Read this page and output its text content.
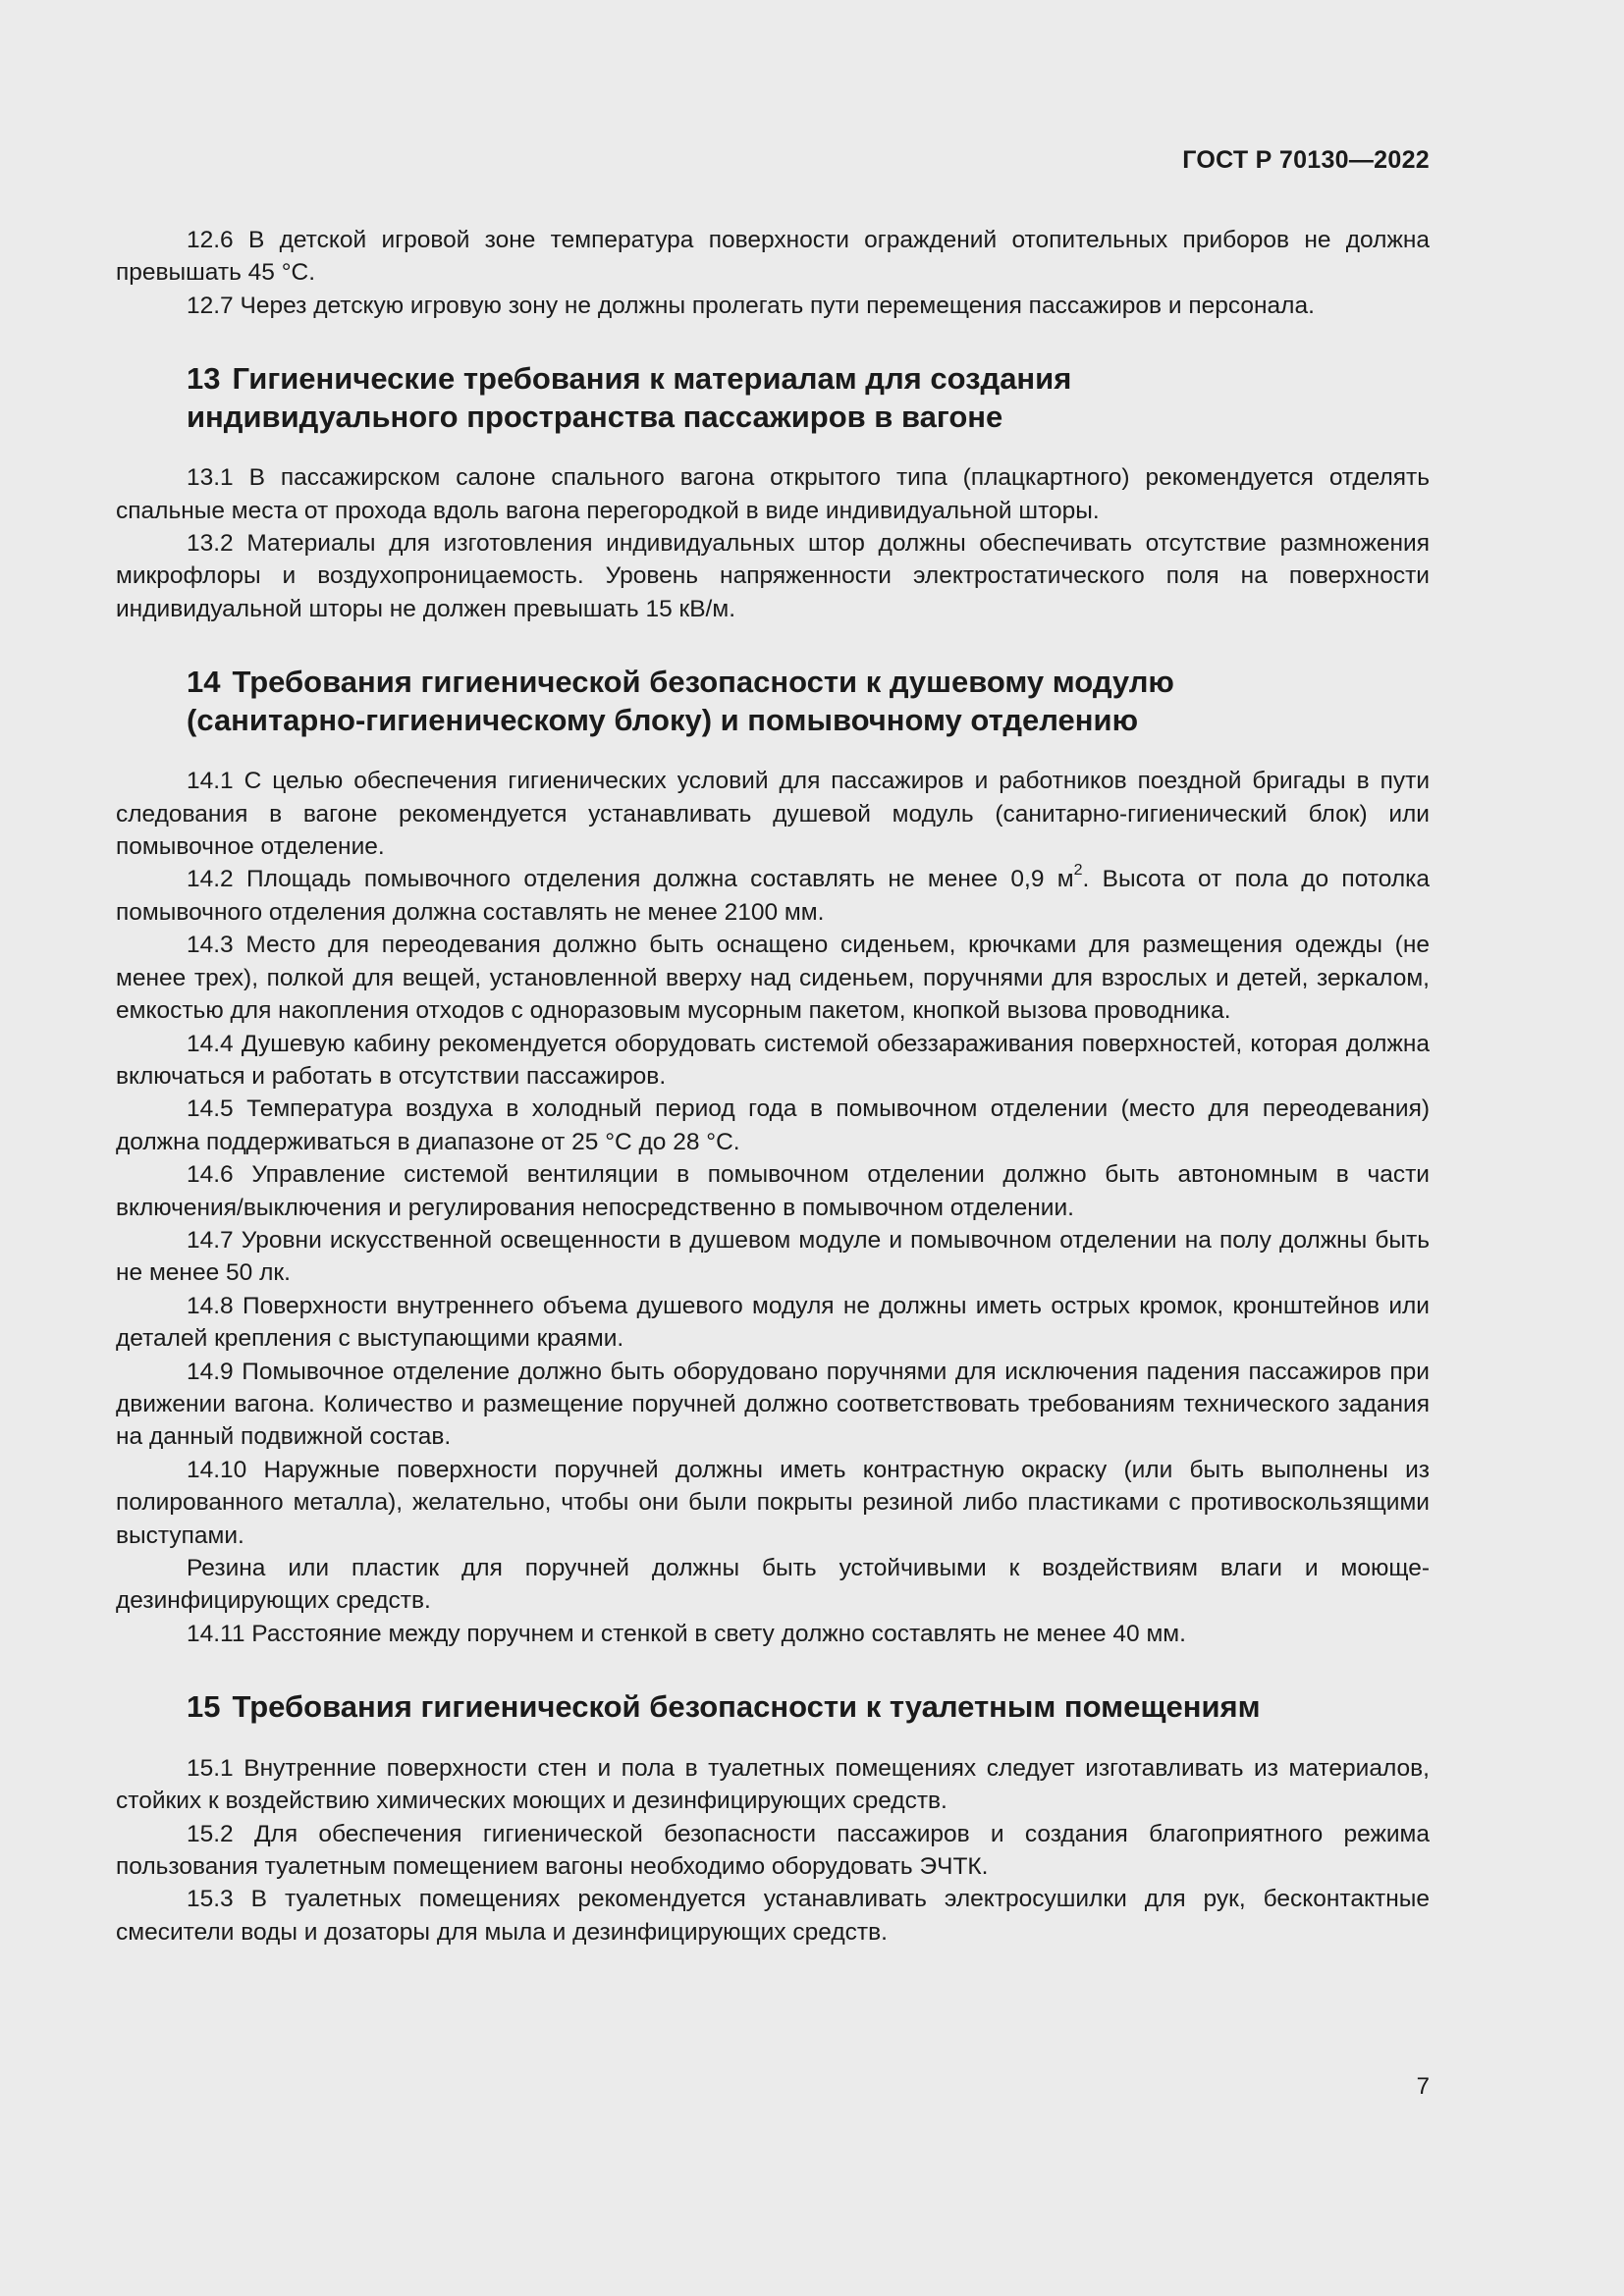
ГОСТ Р 70130—2022

12.6 В детской игровой зоне температура поверхности ограждений отопительных приборов не должна превышать 45 °С.

12.7 Через детскую игровую зону не должны пролегать пути перемещения пассажиров и персонала.

13 Гигиенические требования к материалам для создания
индивидуального пространства пассажиров в вагоне

13.1 В пассажирском салоне спального вагона открытого типа (плацкартного) рекомендуется отделять спальные места от прохода вдоль вагона перегородкой в виде индивидуальной шторы.

13.2 Материалы для изготовления индивидуальных штор должны обеспечивать отсутствие размножения микрофлоры и воздухопроницаемость. Уровень напряженности электростатического поля на поверхности индивидуальной шторы не должен превышать 15 кВ/м.

14 Требования гигиенической безопасности к душевому модулю
(санитарно-гигиеническому блоку) и помывочному отделению

14.1 С целью обеспечения гигиенических условий для пассажиров и работников поездной бригады в пути следования в вагоне рекомендуется устанавливать душевой модуль (санитарно-гигиенический блок) или помывочное отделение.

14.2 Площадь помывочного отделения должна составлять не менее 0,9 $м^2$. Высота от пола до потолка помывочного отделения должна составлять не менее 2100 мм.

14.3 Место для переодевания должно быть оснащено сиденьем, крючками для размещения одежды (не менее трех), полкой для вещей, установленной вверху над сиденьем, поручнями для взрослых и детей, зеркалом, емкостью для накопления отходов с одноразовым мусорным пакетом, кнопкой вызова проводника.

14.4 Душевую кабину рекомендуется оборудовать системой обеззараживания поверхностей, которая должна включаться и работать в отсутствии пассажиров.

14.5 Температура воздуха в холодный период года в помывочном отделении (место для переодевания) должна поддерживаться в диапазоне от 25 °С до 28 °С.

14.6 Управление системой вентиляции в помывочном отделении должно быть автономным в части включения/выключения и регулирования непосредственно в помывочном отделении.

14.7 Уровни искусственной освещенности в душевом модуле и помывочном отделении на полу должны быть не менее 50 лк.

14.8 Поверхности внутреннего объема душевого модуля не должны иметь острых кромок, кронштейнов или деталей крепления с выступающими краями.

14.9 Помывочное отделение должно быть оборудовано поручнями для исключения падения пассажиров при движении вагона. Количество и размещение поручней должно соответствовать требованиям технического задания на данный подвижной состав.

14.10 Наружные поверхности поручней должны иметь контрастную окраску (или быть выполнены из полированного металла), желательно, чтобы они были покрыты резиной либо пластиками с противоскользящими выступами.

Резина или пластик для поручней должны быть устойчивыми к воздействиям влаги и моюще-дезинфицирующих средств.

14.11 Расстояние между поручнем и стенкой в свету должно составлять не менее 40 мм.

15 Требования гигиенической безопасности к туалетным помещениям

15.1 Внутренние поверхности стен и пола в туалетных помещениях следует изготавливать из материалов, стойких к воздействию химических моющих и дезинфицирующих средств.

15.2 Для обеспечения гигиенической безопасности пассажиров и создания благоприятного режима пользования туалетным помещением вагоны необходимо оборудовать ЭЧТК.

15.3 В туалетных помещениях рекомендуется устанавливать электросушилки для рук, бесконтактные смесители воды и дозаторы для мыла и дезинфицирующих средств.

7
